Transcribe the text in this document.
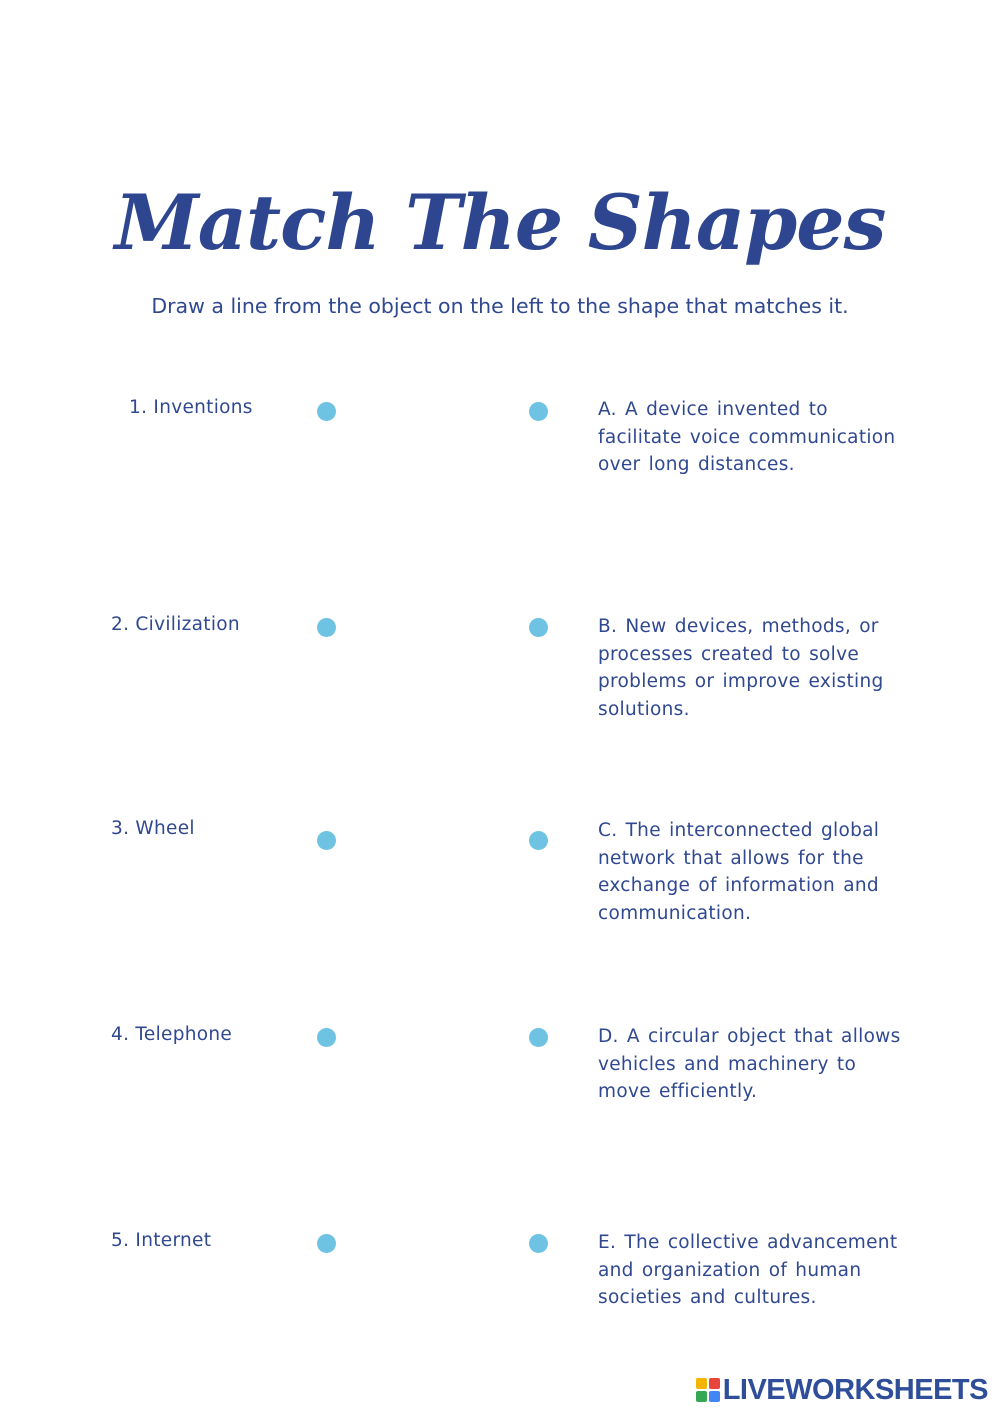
Match The Shapes
Draw a line from the object on the left to the shape that matches it.
1. Inventions
2. Civilization
3. Wheel
4. Telephone
5. Internet
A. A device invented to facilitate voice communication over long distances.
B. New devices, methods, or processes created to solve problems or improve existing solutions.
C. The interconnected global network that allows for the exchange of information and communication.
D. A circular object that allows vehicles and machinery to move efficiently.
E. The collective advancement and organization of human societies and cultures.
LIVEWORKSHEETS
